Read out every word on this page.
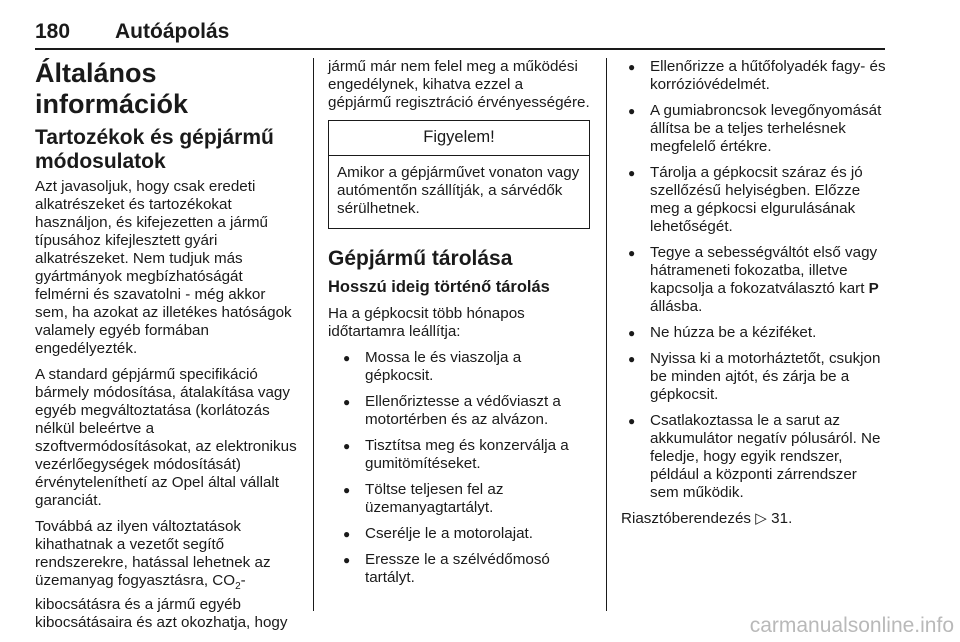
180 Autóápolás
Általános információk
Tartozékok és gépjármű módosulatok

Azt javasoljuk, hogy csak eredeti alkatrészeket és tartozékokat használjon, és kifejezetten a jármű típusához kifejlesztett gyári alkatrészeket. Nem tudjuk más gyártmányok megbízhatóságát felmérni és szavatolni - még akkor sem, ha azokat az illetékes hatóságok valamely egyéb formában engedélyezték.

A standard gépjármű specifikáció bármely módosítása, átalakítása vagy egyéb megváltoztatása (korlátozás nélkül beleértve a szoftvermódosításokat, az elektronikus vezérlőegységek módosítását) érvényteleníthetí az Opel által vállalt garanciát.

Továbbá az ilyen változtatások kihathatnak a vezetőt segítő rendszerekre, hatással lehetnek az üzemanyag fogyasztásra, $CO_2$-kibocsátásra és a jármű egyéb kibocsátásaira és azt okozhatja, hogy

jármű már nem felel meg a működési engedélynek, kihatva ezzel a gépjármű regisztráció érvényességére.

Figyelem!
Amikor a gépjárművet vonaton vagy autómentőn szállítják, a sárvédők sérülhetnek.
Gépjármű tárolása
Hosszú ideig történő tárolás

Ha a gépkocsit több hónapos időtartamra leállítja:

● Mossa le és viaszolja a gépkocsit.
● Ellenőriztesse a védőviaszt a motortérben és az alvázon.
● Tisztítsa meg és konzerválja a gumitömítéseket.
● Töltse teljesen fel az üzemanyagtartályt.
● Cserélje le a motorolajat.
● Eressze le a szélvédőmosó tartályt.
● Ellenőrizze a hűtőfolyadék fagy- és korrózióvédelmét.
● A gumiabroncsok levegőnyomását állítsa be a teljes terhelésnek megfelelő értékre.
● Tárolja a gépkocsit száraz és jó szellőzésű helyiségben. Előzze meg a gépkocsi elgurulásának lehetőségét.
● Tegye a sebességváltót első vagy hátrameneti fokozatba, illetve kapcsolja a fokozatválasztó kart P állásba.
● Ne húzza be a kéziféket.
● Nyissa ki a motorháztetőt, csukjon be minden ajtót, és zárja be a gépkocsit.
● Csatlakoztassa le a sarut az akkumulátor negatív pólusáról. Ne feledje, hogy egyik rendszer, például a központi zárrendszer sem működik.

Riasztóberendezés ▷ 31.

carmanualsonline.info
